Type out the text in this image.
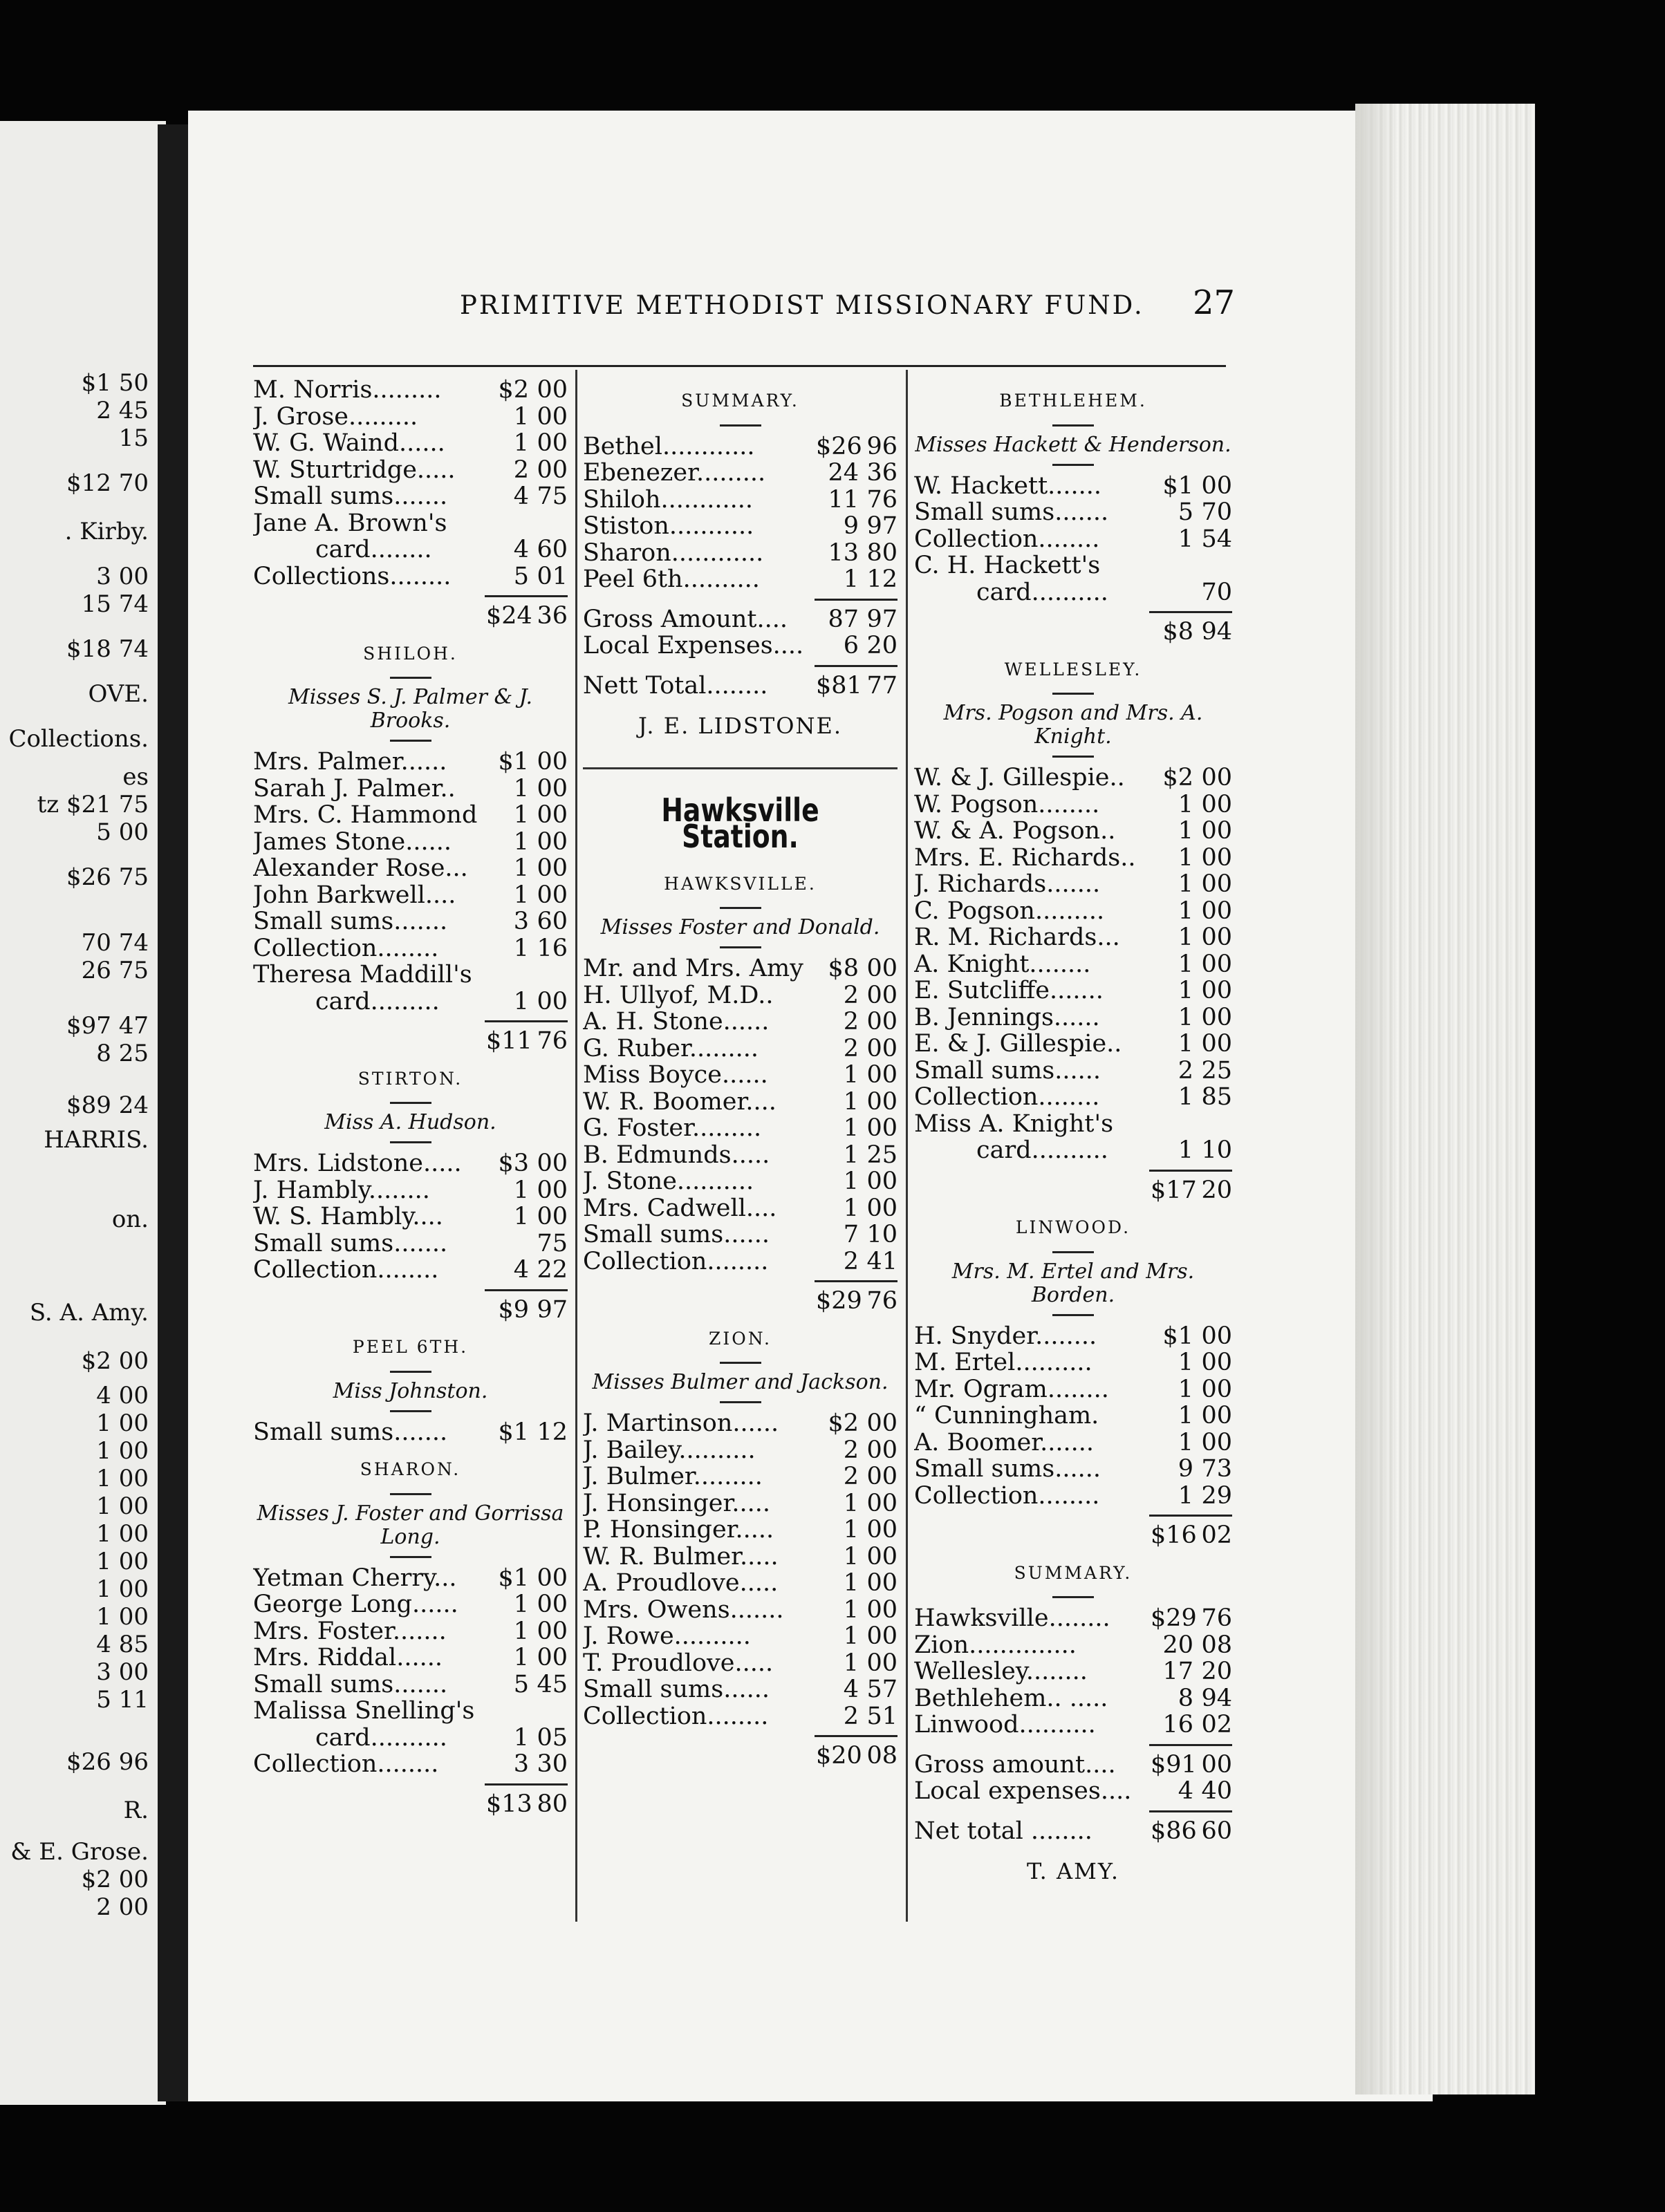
PRIMITIVE METHODIST MISSIONARY FUND.	27
$1 50
2 45
15
$12 70
. Kirby.
3 00
15 74
$18 74
OVE.
Collections.
es
tz $21 75
5 00
$26 75
70 74
26 75
$97 47
8 25
$89 24
HARRIS.
on.
S. A. Amy.
$2 00
4 00
1 00
1 00
1 00
1 00
1 00
1 00
1 00
1 00
4 85
3 00
5 11
$26 96
R.
& E. Grose.
$2 00
2 00
M. Norris.........	$2 00
J. Grose.........	1 00
W. G. Waind......	1 00
W. Sturtridge.....	2 00
Small sums.......	4 75
Jane A. Brown's
card........	4 60
Collections........	5 01
$24 36
SHILOH.
Misses S. J. Palmer & J. Brooks.
Mrs. Palmer......	$1 00
Sarah J. Palmer..	1 00
Mrs. C. Hammond	1 00
James Stone......	1 00
Alexander Rose...	1 00
John Barkwell....	1 00
Small sums.......	3 60
Collection........	1 16
Theresa Maddill's
card.........	1 00
$11 76
STIRTON.
Miss A. Hudson.
Mrs. Lidstone.....	$3 00
J. Hambly........	1 00
W. S. Hambly....	1 00
Small sums.......	75
Collection........	4 22
$9 97
PEEL 6TH.
Miss Johnston.
Small sums.......	$1 12
SHARON.
Misses J. Foster and Gorrissa Long.
Yetman Cherry...	$1 00
George Long......	1 00
Mrs. Foster.......	1 00
Mrs. Riddal......	1 00
Small sums.......	5 45
Malissa Snelling's
card..........	1 05
Collection........	3 30
$13 80
SUMMARY.
Bethel............	$26 96
Ebenezer.........	24 36
Shiloh............	11 76
Stiston...........	9 97
Sharon............	13 80
Peel 6th..........	1 12
Gross Amount....	87 97
Local Expenses....	6 20
Nett Total........	$81 77
J. E. LIDSTONE.
Hawksville Station.
HAWKSVILLE.
Misses Foster and Donald.
Mr. and Mrs. Amy	$8 00
H. Ullyof, M.D..	2 00
A. H. Stone......	2 00
G. Ruber.........	2 00
Miss Boyce......	1 00
W. R. Boomer....	1 00
G. Foster.........	1 00
B. Edmunds.....	1 25
J. Stone..........	1 00
Mrs. Cadwell....	1 00
Small sums......	7 10
Collection........	2 41
$29 76
ZION.
Misses Bulmer and Jackson.
J. Martinson......	$2 00
J. Bailey..........	2 00
J. Bulmer.........	2 00
J. Honsinger.....	1 00
P. Honsinger.....	1 00
W. R. Bulmer.....	1 00
A. Proudlove.....	1 00
Mrs. Owens.......	1 00
J. Rowe..........	1 00
T. Proudlove.....	1 00
Small sums......	4 57
Collection........	2 51
$20 08
BETHLEHEM.
Misses Hackett & Henderson.
W. Hackett.......	$1 00
Small sums.......	5 70
Collection........	1 54
C. H. Hackett's
card..........	70
$8 94
WELLESLEY.
Mrs. Pogson and Mrs. A. Knight.
W. & J. Gillespie..	$2 00
W. Pogson........	1 00
W. & A. Pogson..	1 00
Mrs. E. Richards..	1 00
J. Richards.......	1 00
C. Pogson.........	1 00
R. M. Richards...	1 00
A. Knight........	1 00
E. Sutcliffe.......	1 00
B. Jennings......	1 00
E. & J. Gillespie..	1 00
Small sums......	2 25
Collection........	1 85
Miss A. Knight's
card..........	1 10
$17 20
LINWOOD.
Mrs. M. Ertel and Mrs. Borden.
H. Snyder........	$1 00
M. Ertel..........	1 00
Mr. Ogram........	1 00
“ Cunningham.	1 00
A. Boomer.......	1 00
Small sums......	9 73
Collection........	1 29
$16 02
SUMMARY.
Hawksville........	$29 76
Zion..............	20 08
Wellesley........	17 20
Bethlehem.. .....	8 94
Linwood..........	16 02
Gross amount....	$91 00
Local expenses....	4 40
Net total ........	$86 60
T. AMY.
